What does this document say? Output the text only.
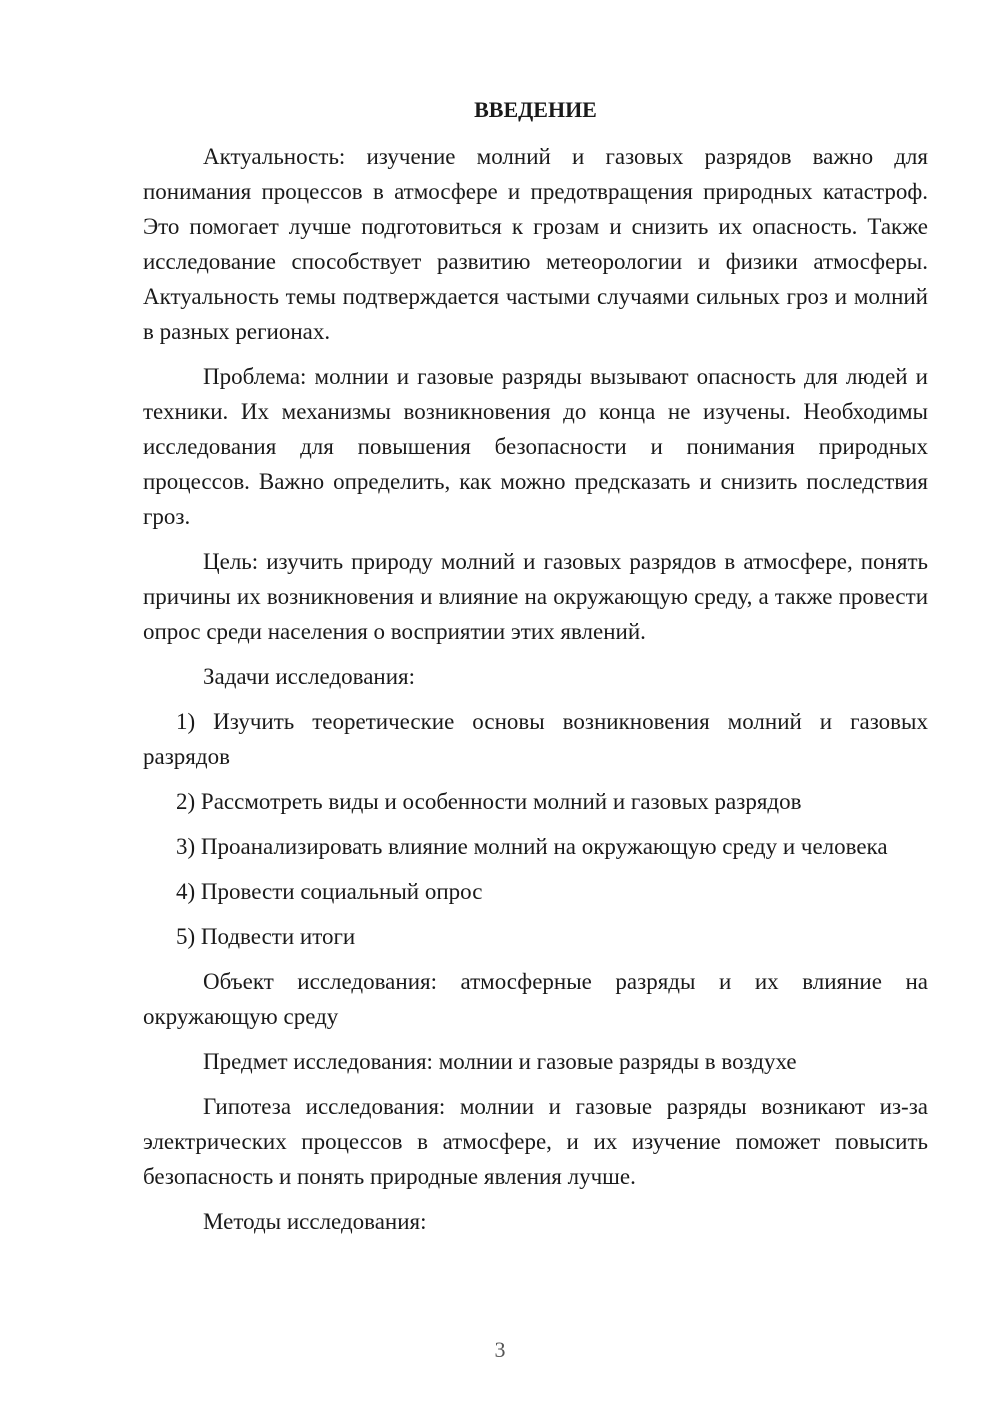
ВВЕДЕНИЕ

Актуальность: изучение молний и газовых разрядов важно для понимания процессов в атмосфере и предотвращения природных катастроф. Это помогает лучше подготовиться к грозам и снизить их опасность. Также исследование способствует развитию метеорологии и физики атмосферы. Актуальность темы подтверждается частыми случаями сильных гроз и молний в разных регионах.

Проблема: молнии и газовые разряды вызывают опасность для людей и техники. Их механизмы возникновения до конца не изучены. Необходимы исследования для повышения безопасности и понимания природных процессов. Важно определить, как можно предсказать и снизить последствия гроз.

Цель: изучить природу молний и газовых разрядов в атмосфере, понять причины их возникновения и влияние на окружающую среду, а также провести опрос среди населения о восприятии этих явлений.

Задачи исследования:

1) Изучить теоретические основы возникновения молний и газовых разрядов

2) Рассмотреть виды и особенности молний и газовых разрядов

3) Проанализировать влияние молний на окружающую среду и человека

4) Провести социальный опрос

5) Подвести итоги

Объект исследования: атмосферные разряды и их влияние на окружающую среду

Предмет исследования: молнии и газовые разряды в воздухе

Гипотеза исследования: молнии и газовые разряды возникают из-за электрических процессов в атмосфере, и их изучение поможет повысить безопасность и понять природные явления лучше.

Методы исследования:

3
